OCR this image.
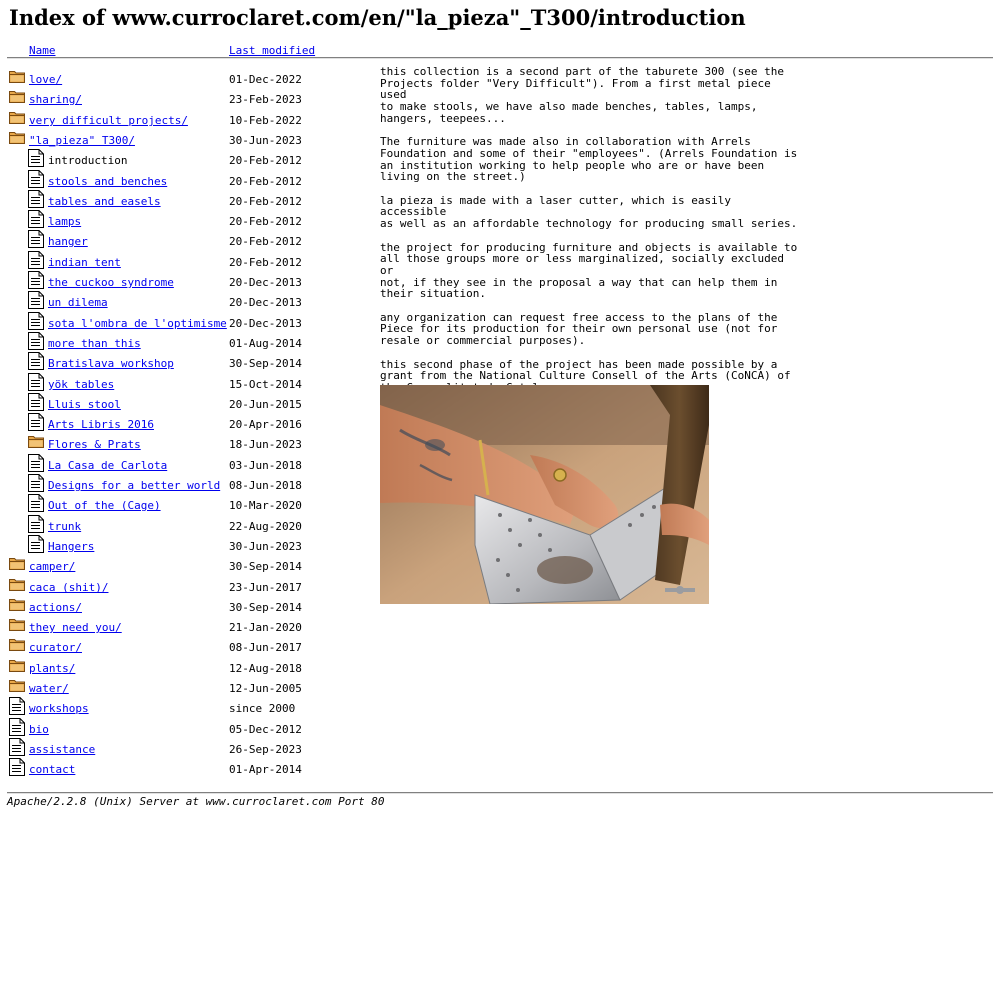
Index of www.curroclaret.com/en/"la_pieza"_T300/introduction
Name	Last modified
love/	01-Dec-2022
sharing/	23-Feb-2023
very difficult projects/	10-Feb-2022
"la_pieza" T300/	30-Jun-2023
introduction	20-Feb-2012
stools and benches	20-Feb-2012
tables and easels	20-Feb-2012
lamps	20-Feb-2012
hanger	20-Feb-2012
indian tent	20-Feb-2012
the cuckoo syndrome	20-Dec-2013
un dilema	20-Dec-2013
sota l'ombra de l'optimisme 20-Dec-2013
more than this	01-Aug-2014
Bratislava workshop	30-Sep-2014
yök tables	15-Oct-2014
Lluis stool	20-Jun-2015
Arts Libris 2016	20-Apr-2016
Flores & Prats	18-Jun-2023
La Casa de Carlota	03-Jun-2018
Designs for a better world 08-Jun-2018
Out of the (Cage)	10-Mar-2020
trunk	22-Aug-2020
Hangers	30-Jun-2023
camper/	30-Sep-2014
caca (shit)/	23-Jun-2017
actions/	30-Sep-2014
they need you/	21-Jan-2020
curator/	08-Jun-2017
plants/	12-Aug-2018
water/	12-Jun-2005
workshops	since 2000
bio	05-Dec-2012
assistance	26-Sep-2023
contact	01-Apr-2014
this collection is a second part of the taburete 300 (see the
Projects folder "Very Difficult"). From a first metal piece used
to make stools, we have also made benches, tables, lamps,
hangers, teepees...

The furniture was made also in collaboration with Arrels
Foundation and some of their "employees". (Arrels Foundation is
an institution working to help people who are or have been
living on the street.)

la pieza is made with a laser cutter, which is easily accessible
as well as an affordable technology for producing small series.

the project for producing furniture and objects is available to
all those groups more or less marginalized, socially excluded or
not, if they see in the proposal a way that can help them in
their situation.

any organization can request free access to the plans of the
Piece for its production for their own personal use (not for
resale or commercial purposes).

this second phase of the project has been made possible by a
grant from the National Culture Consell of the Arts (CoNCA) of

Apache/2.2.8 (Unix) Server at www.curroclaret.com Port 80
